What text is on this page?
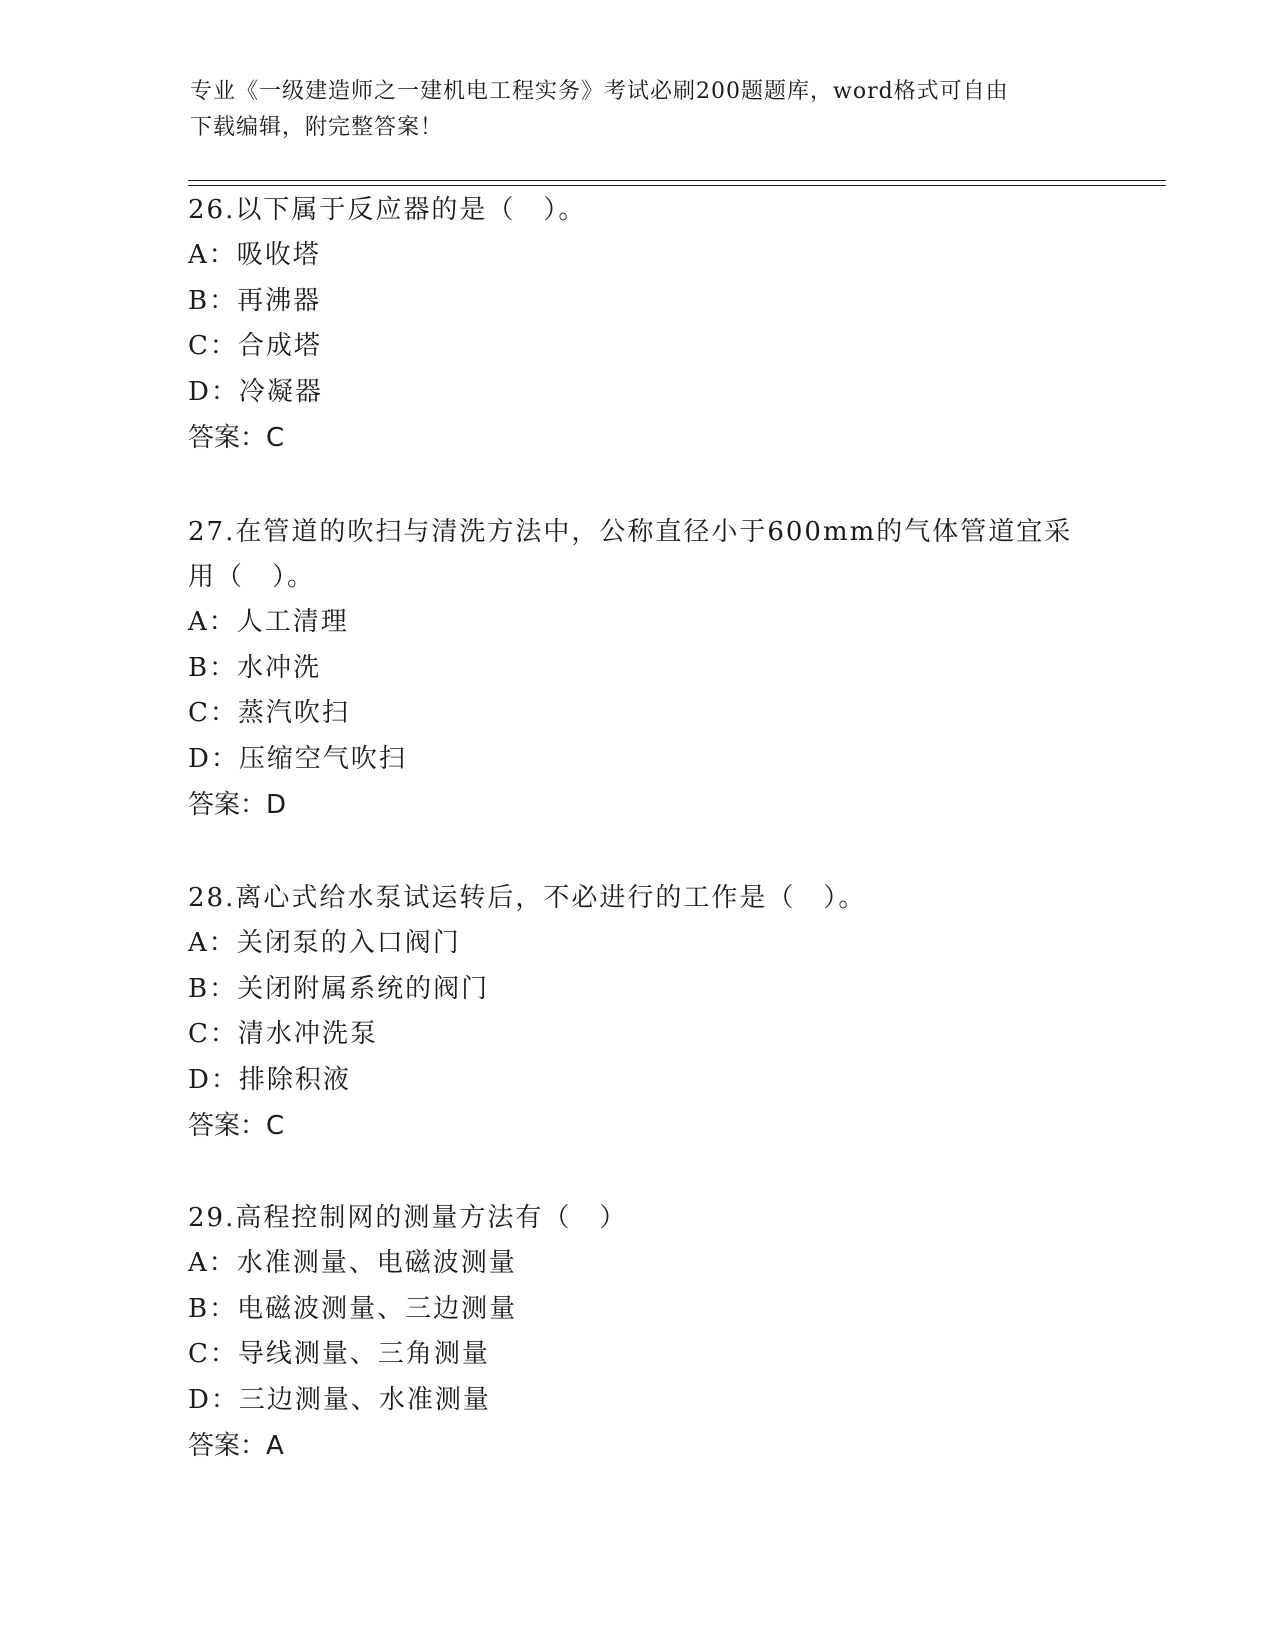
专业《一级建造师之一建机电工程实务》考试必刷200题题库，word格式可自由
下载编辑，附完整答案！
26.以下属于反应器的是（　）。
A：吸收塔
B：再沸器
C：合成塔
D：冷凝器
答案：C
27.在管道的吹扫与清洗方法中，公称直径小于600mm的气体管道宜采
用（　）。
A：人工清理
B：水冲洗
C：蒸汽吹扫
D：压缩空气吹扫
答案：D
28.离心式给水泵试运转后，不必进行的工作是（　）。
A：关闭泵的入口阀门
B：关闭附属系统的阀门
C：清水冲洗泵
D：排除积液
答案：C
29.高程控制网的测量方法有（　）
A：水准测量、电磁波测量
B：电磁波测量、三边测量
C：导线测量、三角测量
D：三边测量、水准测量
答案：A
